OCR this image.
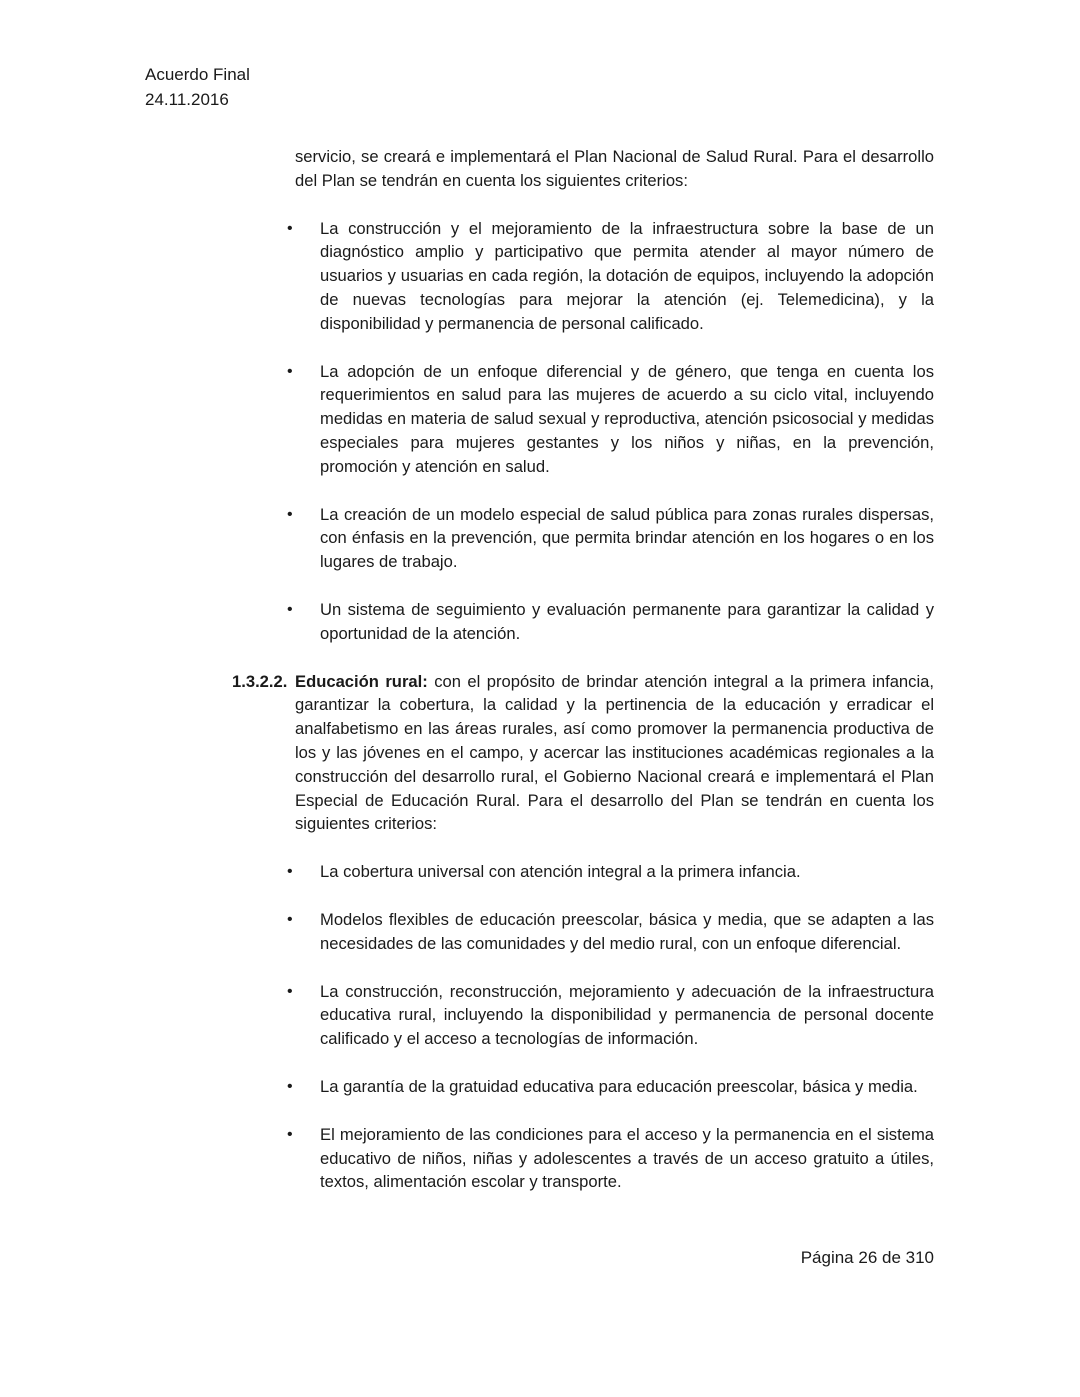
Acuerdo Final
24.11.2016

servicio, se creará e implementará el Plan Nacional de Salud Rural. Para el desarrollo del Plan se tendrán en cuenta los siguientes criterios:

• La construcción y el mejoramiento de la infraestructura sobre la base de un diagnóstico amplio y participativo que permita atender al mayor número de usuarios y usuarias en cada región, la dotación de equipos, incluyendo la adopción de nuevas tecnologías para mejorar la atención (ej. Telemedicina), y la disponibilidad y permanencia de personal calificado.
• La adopción de un enfoque diferencial y de género, que tenga en cuenta los requerimientos en salud para las mujeres de acuerdo a su ciclo vital, incluyendo medidas en materia de salud sexual y reproductiva, atención psicosocial y medidas especiales para mujeres gestantes y los niños y niñas, en la prevención, promoción y atención en salud.
• La creación de un modelo especial de salud pública para zonas rurales dispersas, con énfasis en la prevención, que permita brindar atención en los hogares o en los lugares de trabajo.
• Un sistema de seguimiento y evaluación permanente para garantizar la calidad y oportunidad de la atención.
1.3.2.2. Educación rural: con el propósito de brindar atención integral a la primera infancia, garantizar la cobertura, la calidad y la pertinencia de la educación y erradicar el analfabetismo en las áreas rurales, así como promover la permanencia productiva de los y las jóvenes en el campo, y acercar las instituciones académicas regionales a la construcción del desarrollo rural, el Gobierno Nacional creará e implementará el Plan Especial de Educación Rural. Para el desarrollo del Plan se tendrán en cuenta los siguientes criterios:

• La cobertura universal con atención integral a la primera infancia.
• Modelos flexibles de educación preescolar, básica y media, que se adapten a las necesidades de las comunidades y del medio rural, con un enfoque diferencial.
• La construcción, reconstrucción, mejoramiento y adecuación de la infraestructura educativa rural, incluyendo la disponibilidad y permanencia de personal docente calificado y el acceso a tecnologías de información.
• La garantía de la gratuidad educativa para educación preescolar, básica y media.
• El mejoramiento de las condiciones para el acceso y la permanencia en el sistema educativo de niños, niñas y adolescentes a través de un acceso gratuito a útiles, textos, alimentación escolar y transporte.
Página 26 de 310
